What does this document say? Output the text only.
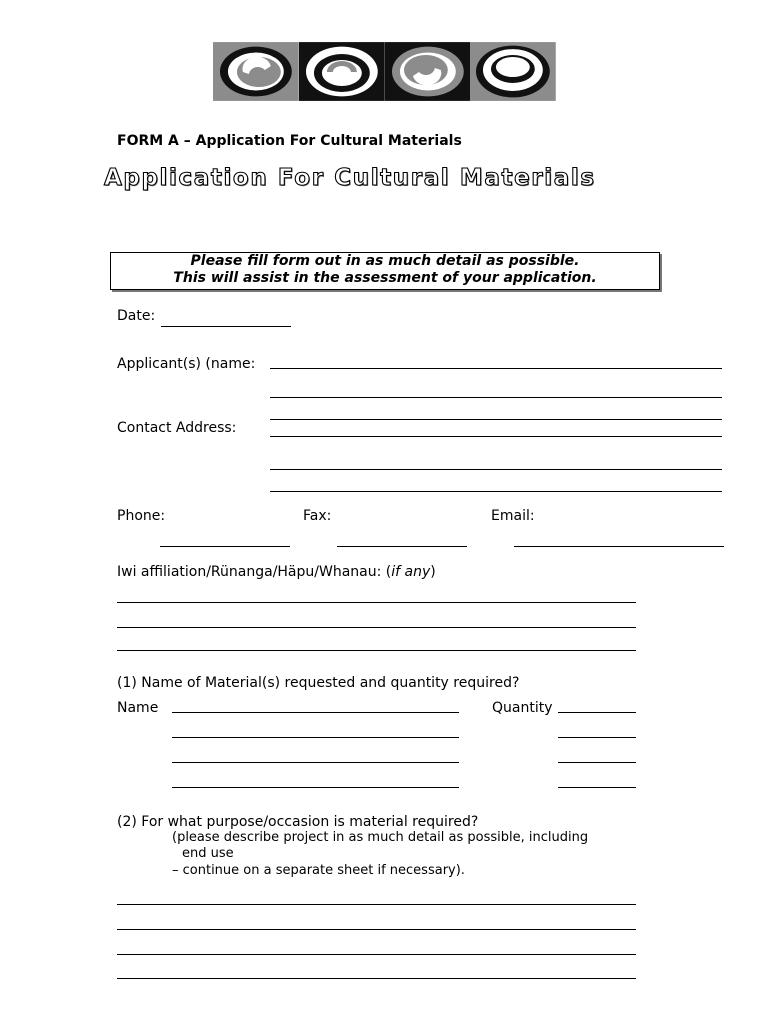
FORM A – Application For Cultural Materials
Application For Cultural Materials
Please fill form out in as much detail as possible.
This will assist in the assessment of your application.
Date:
Applicant(s) (name:
Contact Address:
Phone:	Fax:	Email:
Iwi affiliation/Rünanga/Häpu/Whanau: (if any)
(1) Name of Material(s) requested and quantity required?
Name	Quantity
(2) For what purpose/occasion is material required?
(please describe project in as much detail as possible, including
end use
– continue on a separate sheet if necessary).
